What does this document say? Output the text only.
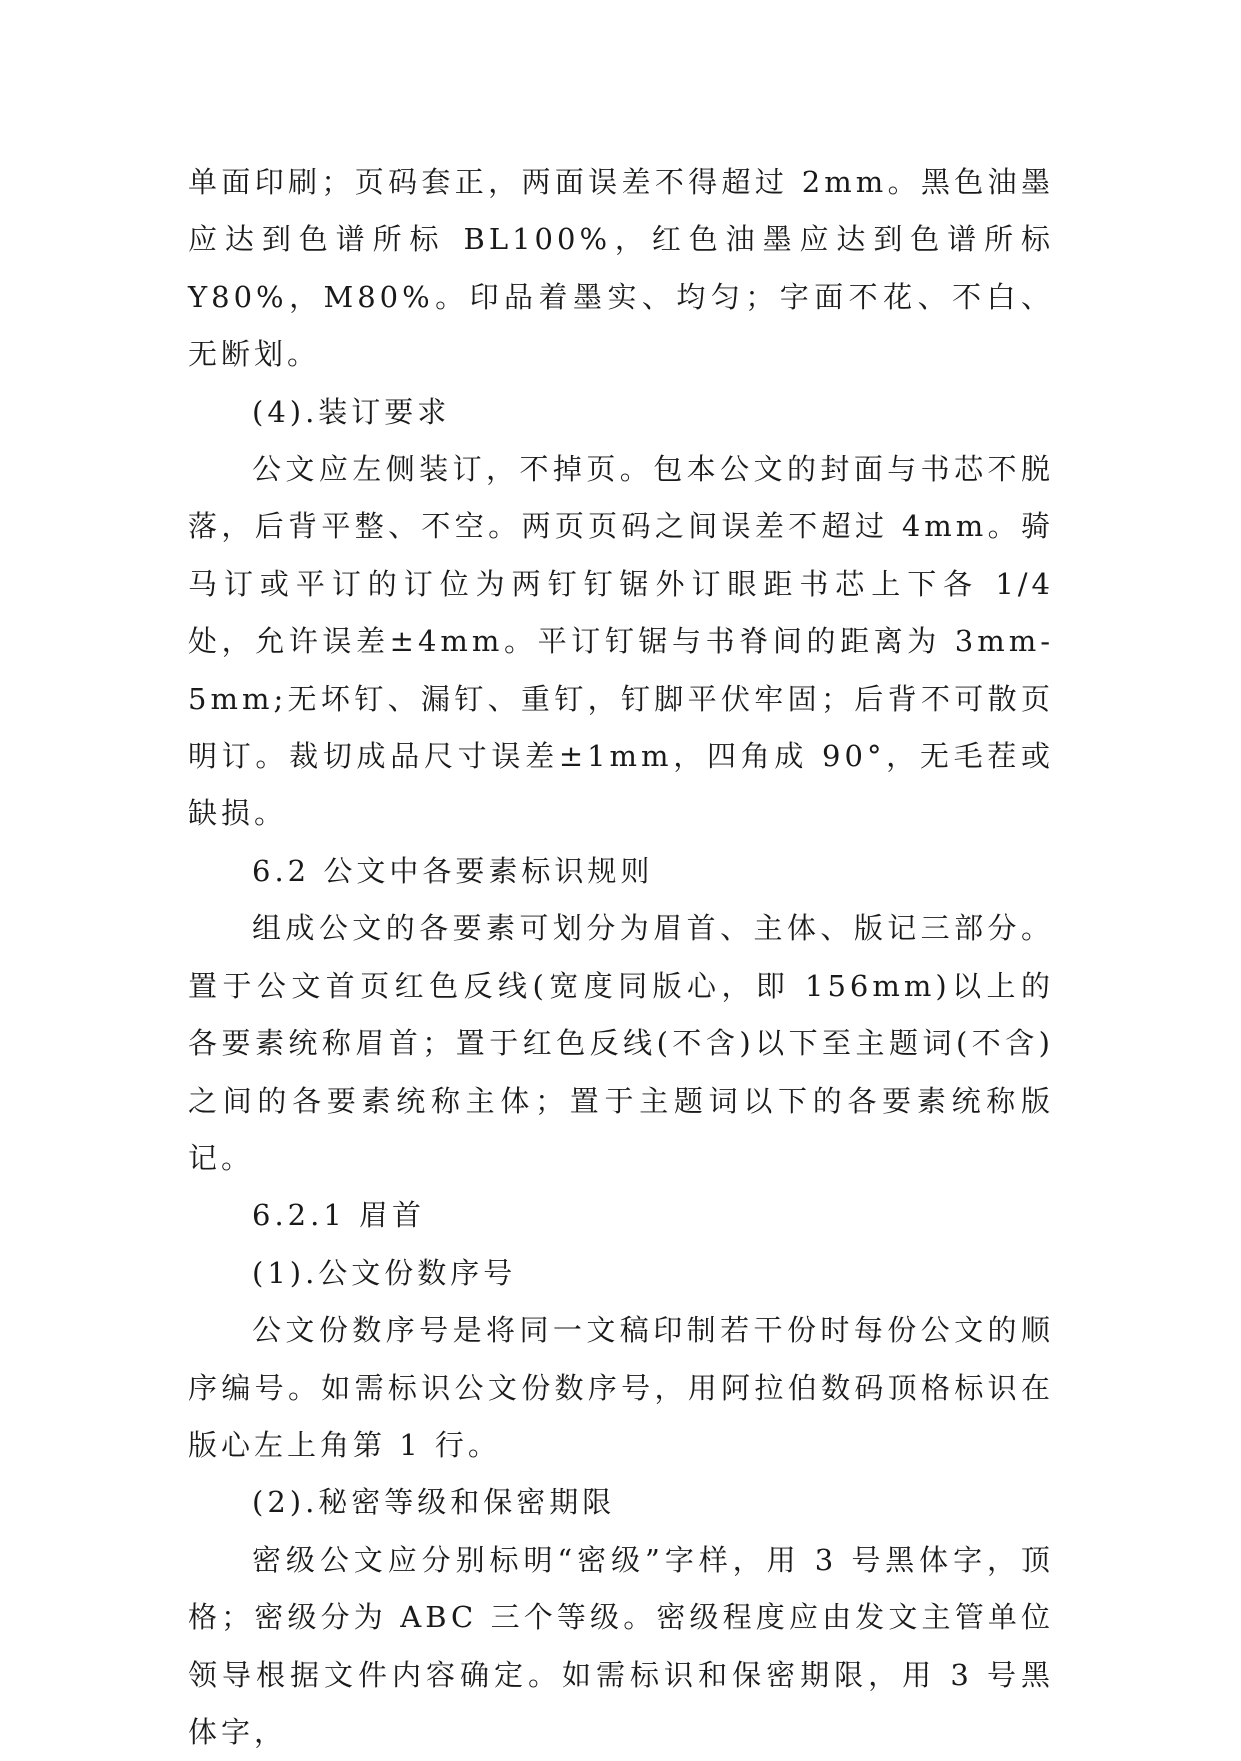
单面印刷；页码套正，两面误差不得超过 2mm。黑色油墨应达到色谱所标 BL100%，红色油墨应达到色谱所标 Y80%，M80%。印品着墨实、均匀；字面不花、不白、无断划。

(4).装订要求

公文应左侧装订，不掉页。包本公文的封面与书芯不脱落，后背平整、不空。两页页码之间误差不超过 4mm。骑马订或平订的订位为两钉钉锯外订眼距书芯上下各 1/4 处，允许误差±4mm。平订钉锯与书脊间的距离为 3mm-5mm;无坏钉、漏钉、重钉，钉脚平伏牢固；后背不可散页明订。裁切成品尺寸误差±1mm，四角成 90°，无毛茬或缺损。

6.2 公文中各要素标识规则

组成公文的各要素可划分为眉首、主体、版记三部分。置于公文首页红色反线(宽度同版心，即 156mm)以上的各要素统称眉首；置于红色反线(不含)以下至主题词(不含)之间的各要素统称主体；置于主题词以下的各要素统称版记。

6.2.1 眉首

(1).公文份数序号

公文份数序号是将同一文稿印制若干份时每份公文的顺序编号。如需标识公文份数序号，用阿拉伯数码顶格标识在版心左上角第 1 行。

(2).秘密等级和保密期限

密级公文应分别标明“密级”字样，用 3 号黑体字，顶格；密级分为 ABC 三个等级。密级程度应由发文主管单位领导根据文件内容确定。如需标识和保密期限，用 3 号黑体字，
